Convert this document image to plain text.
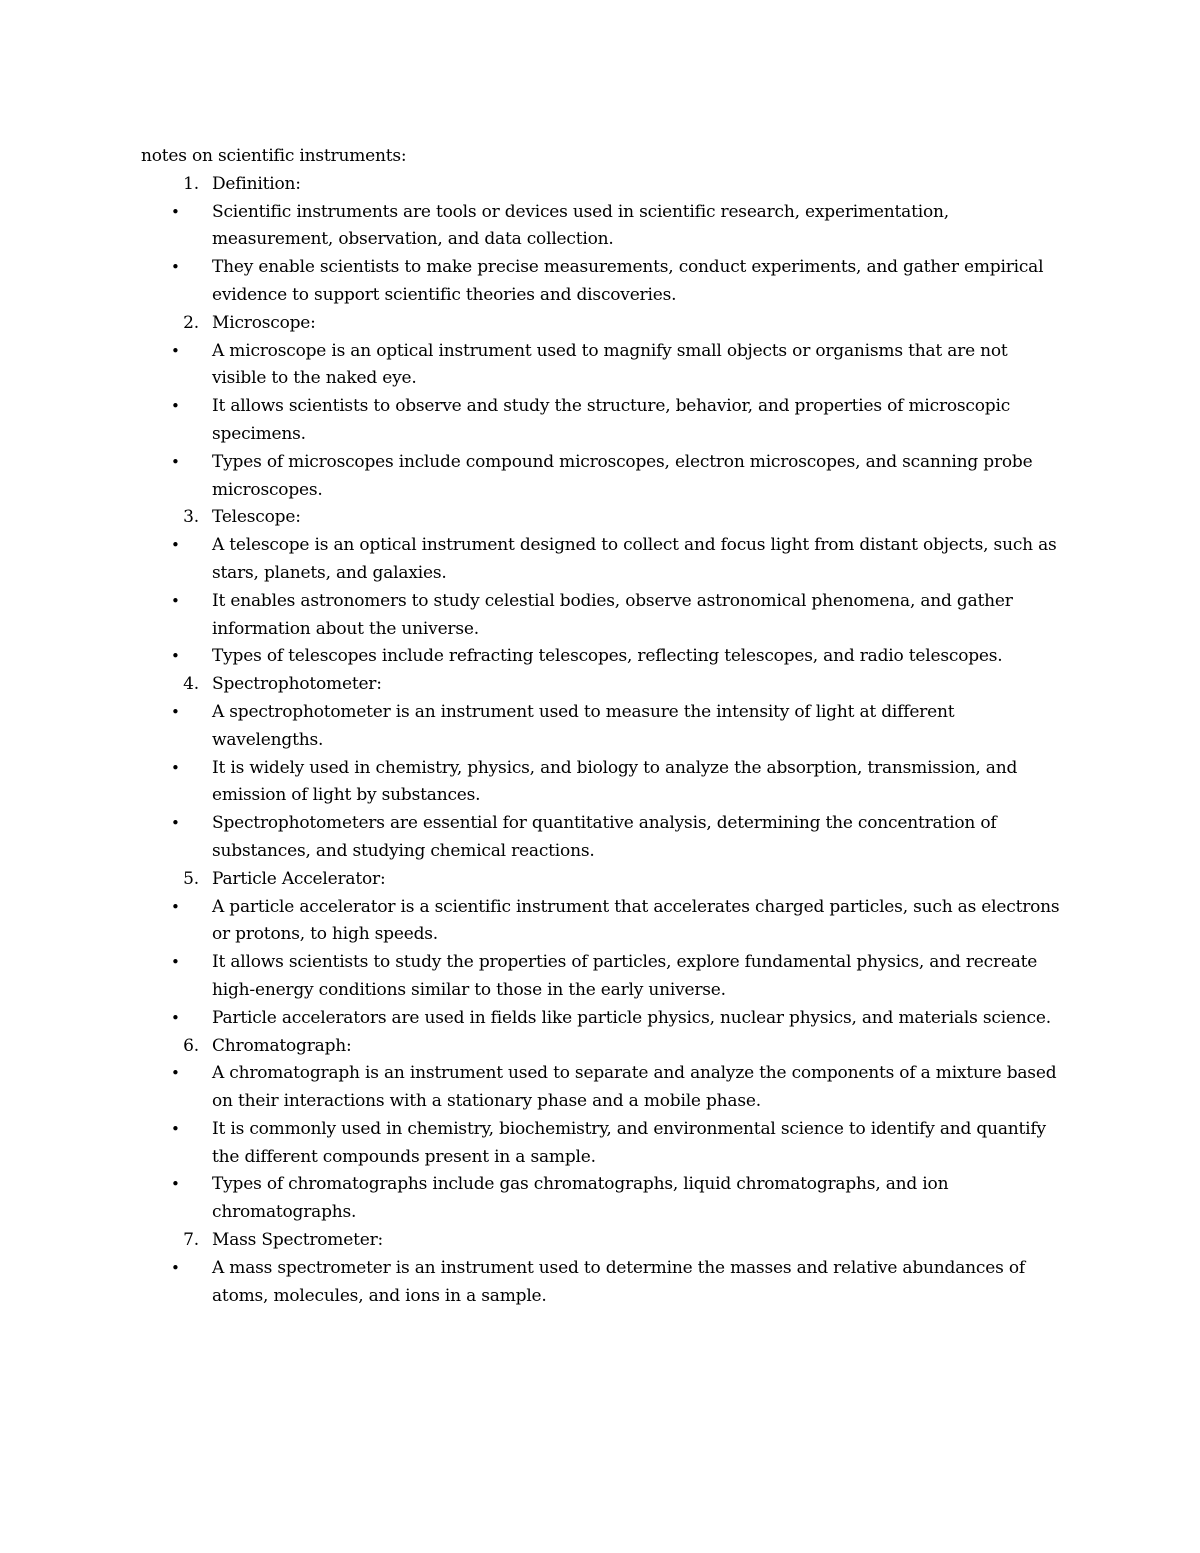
notes on scientific instruments:

1. Definition:

• Scientific instruments are tools or devices used in scientific research, experimentation, measurement, observation, and data collection.

• They enable scientists to make precise measurements, conduct experiments, and gather empirical evidence to support scientific theories and discoveries.

2. Microscope:

• A microscope is an optical instrument used to magnify small objects or organisms that are not visible to the naked eye.

• It allows scientists to observe and study the structure, behavior, and properties of microscopic specimens.

• Types of microscopes include compound microscopes, electron microscopes, and scanning probe microscopes.

3. Telescope:

• A telescope is an optical instrument designed to collect and focus light from distant objects, such as stars, planets, and galaxies.

• It enables astronomers to study celestial bodies, observe astronomical phenomena, and gather information about the universe.

• Types of telescopes include refracting telescopes, reflecting telescopes, and radio telescopes.

4. Spectrophotometer:

• A spectrophotometer is an instrument used to measure the intensity of light at different wavelengths.

• It is widely used in chemistry, physics, and biology to analyze the absorption, transmission, and emission of light by substances.

• Spectrophotometers are essential for quantitative analysis, determining the concentration of substances, and studying chemical reactions.

5. Particle Accelerator:

• A particle accelerator is a scientific instrument that accelerates charged particles, such as electrons or protons, to high speeds.

• It allows scientists to study the properties of particles, explore fundamental physics, and recreate high-energy conditions similar to those in the early universe.

• Particle accelerators are used in fields like particle physics, nuclear physics, and materials science.

6. Chromatograph:

• A chromatograph is an instrument used to separate and analyze the components of a mixture based on their interactions with a stationary phase and a mobile phase.

• It is commonly used in chemistry, biochemistry, and environmental science to identify and quantify the different compounds present in a sample.

• Types of chromatographs include gas chromatographs, liquid chromatographs, and ion chromatographs.

7. Mass Spectrometer:

• A mass spectrometer is an instrument used to determine the masses and relative abundances of atoms, molecules, and ions in a sample.
